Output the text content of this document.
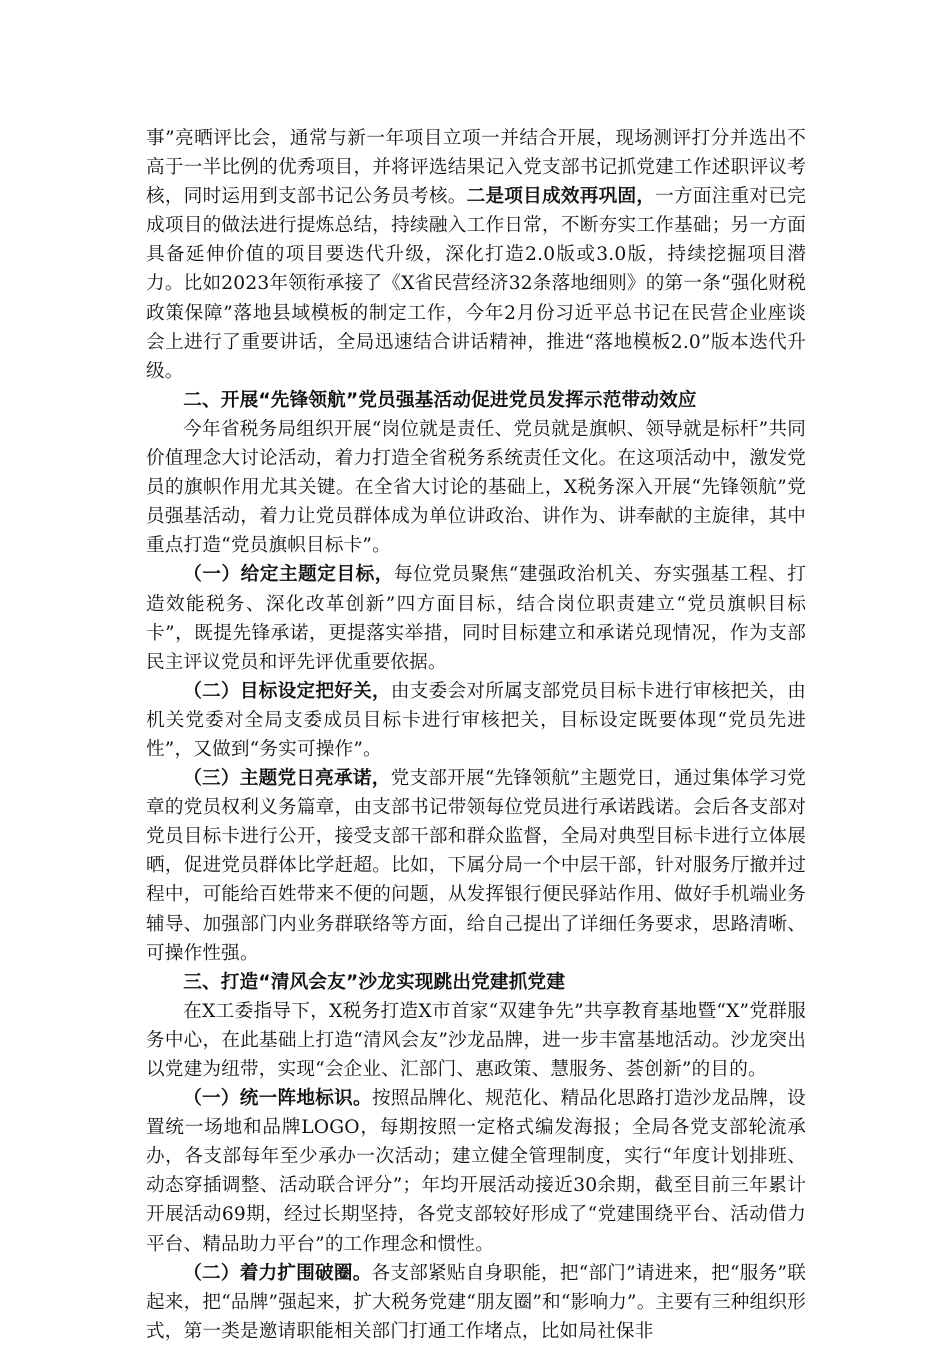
事”亮晒评比会，通常与新一年项目立项一并结合开展，现场测评打分并选出不高于一半比例的优秀项目，并将评选结果记入党支部书记抓党建工作述职评议考核，同时运用到支部书记公务员考核。二是项目成效再巩固，一方面注重对已完成项目的做法进行提炼总结，持续融入工作日常，不断夯实工作基础；另一方面具备延伸价值的项目要迭代升级，深化打造2.0版或3.0版，持续挖掘项目潜力。比如2023年领衔承接了《X省民营经济32条落地细则》的第一条“强化财税政策保障”落地县域模板的制定工作，今年2月份习近平总书记在民营企业座谈会上进行了重要讲话，全局迅速结合讲话精神，推进“落地模板2.0”版本迭代升级。

二、开展“先锋领航”党员强基活动促进党员发挥示范带动效应

今年省税务局组织开展“岗位就是责任、党员就是旗帜、领导就是标杆”共同价值理念大讨论活动，着力打造全省税务系统责任文化。在这项活动中，激发党员的旗帜作用尤其关键。在全省大讨论的基础上，X税务深入开展“先锋领航”党员强基活动，着力让党员群体成为单位讲政治、讲作为、讲奉献的主旋律，其中重点打造“党员旗帜目标卡”。

（一）给定主题定目标，每位党员聚焦“建强政治机关、夯实强基工程、打造效能税务、深化改革创新”四方面目标，结合岗位职责建立“党员旗帜目标卡”，既提先锋承诺，更提落实举措，同时目标建立和承诺兑现情况，作为支部民主评议党员和评先评优重要依据。

（二）目标设定把好关，由支委会对所属支部党员目标卡进行审核把关，由机关党委对全局支委成员目标卡进行审核把关，目标设定既要体现“党员先进性”，又做到“务实可操作”。

（三）主题党日亮承诺，党支部开展“先锋领航”主题党日，通过集体学习党章的党员权利义务篇章，由支部书记带领每位党员进行承诺践诺。会后各支部对党员目标卡进行公开，接受支部干部和群众监督，全局对典型目标卡进行立体展晒，促进党员群体比学赶超。比如，下属分局一个中层干部，针对服务厅撤并过程中，可能给百姓带来不便的问题，从发挥银行便民驿站作用、做好手机端业务辅导、加强部门内业务群联络等方面，给自己提出了详细任务要求，思路清晰、可操作性强。

三、打造“清风会友”沙龙实现跳出党建抓党建

在X工委指导下，X税务打造X市首家“双建争先”共享教育基地暨“X”党群服务中心，在此基础上打造“清风会友”沙龙品牌，进一步丰富基地活动。沙龙突出以党建为纽带，实现“会企业、汇部门、惠政策、慧服务、荟创新”的目的。

（一）统一阵地标识。按照品牌化、规范化、精品化思路打造沙龙品牌，设置统一场地和品牌LOGO，每期按照一定格式编发海报；全局各党支部轮流承办，各支部每年至少承办一次活动；建立健全管理制度，实行“年度计划排班、动态穿插调整、活动联合评分”；年均开展活动接近30余期，截至目前三年累计开展活动69期，经过长期坚持，各党支部较好形成了“党建围绕平台、活动借力平台、精品助力平台”的工作理念和惯性。

（二）着力扩围破圈。各支部紧贴自身职能，把“部门”请进来，把“服务”联起来，把“品牌”强起来，扩大税务党建“朋友圈”和“影响力”。主要有三种组织形式，第一类是邀请职能相关部门打通工作堵点，比如局社保非
